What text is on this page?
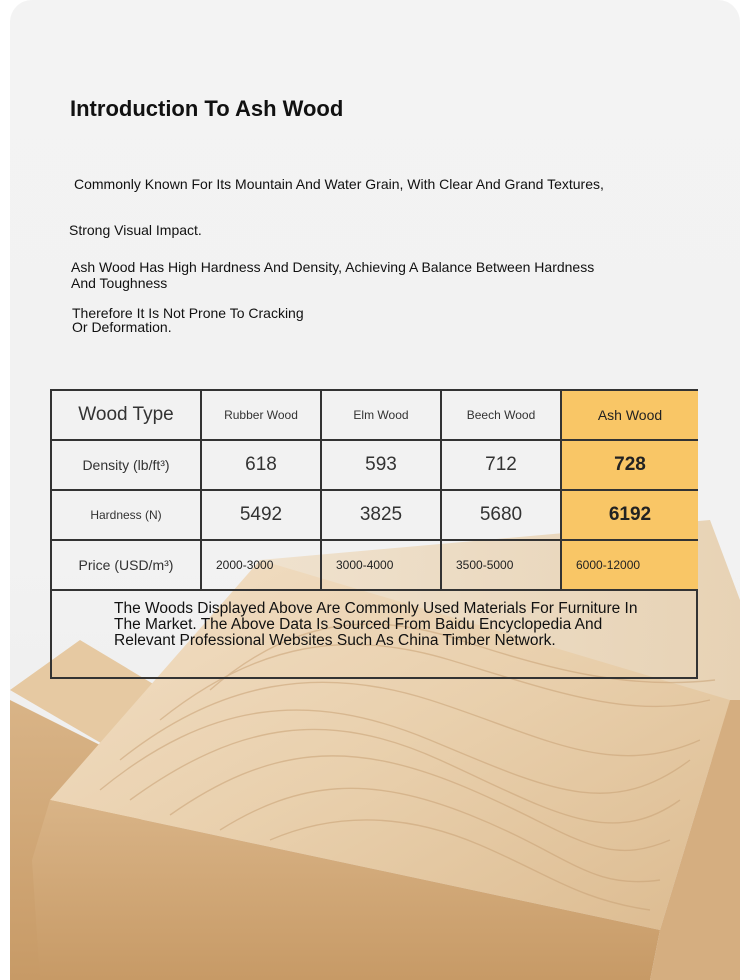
Introduction To Ash Wood
Commonly Known For Its Mountain And Water Grain, With Clear And Grand Textures,
Strong Visual Impact.
Ash Wood Has High Hardness And Density, Achieving A Balance Between Hardness And Toughness
Therefore It Is Not Prone To Cracking Or Deformation.
Wood Type	Rubber Wood	Elm Wood	Beech Wood	Ash Wood
Density (lb/ft³)	618	593	712	728
Hardness (N)	5492	3825	5680	6192
Price (USD/m³)	2000-3000	3000-4000	3500-5000	6000-12000
The Woods Displayed Above Are Commonly Used Materials For Furniture In The Market. The Above Data Is Sourced From Baidu Encyclopedia And Relevant Professional Websites Such As China Timber Network.
